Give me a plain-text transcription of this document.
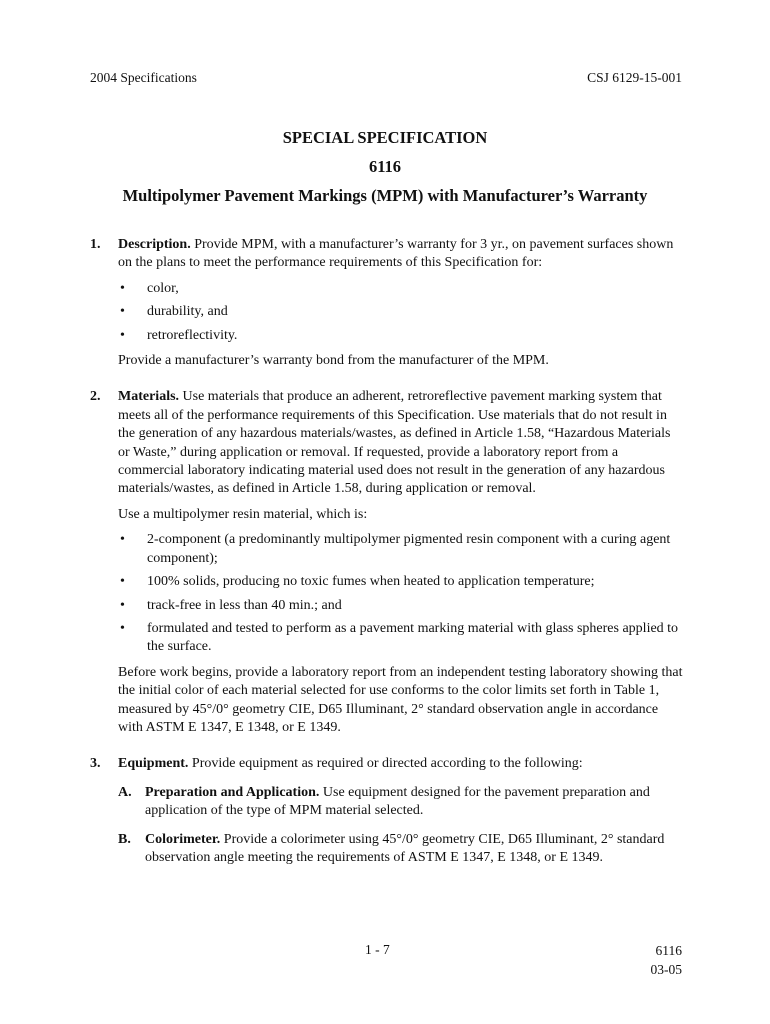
2004 Specifications	CSJ 6129-15-001
SPECIAL SPECIFICATION
6116
Multipolymer Pavement Markings (MPM) with Manufacturer’s Warranty
1.	Description. Provide MPM, with a manufacturer’s warranty for 3 yr., on pavement surfaces shown on the plans to meet the performance requirements of this Specification for:

•	color,
•	durability, and
•	retroreflectivity.

Provide a manufacturer’s warranty bond from the manufacturer of the MPM.

2.	Materials. Use materials that produce an adherent, retroreflective pavement marking system that meets all of the performance requirements of this Specification. Use materials that do not result in the generation of any hazardous materials/wastes, as defined in Article 1.58, “Hazardous Materials or Waste,” during application or removal. If requested, provide a laboratory report from a commercial laboratory indicating material used does not result in the generation of any hazardous materials/wastes, as defined in Article 1.58, during application or removal.

Use a multipolymer resin material, which is:

•	2-component (a predominantly multipolymer pigmented resin component with a curing agent component);
•	100% solids, producing no toxic fumes when heated to application temperature;
•	track-free in less than 40 min.; and
•	formulated and tested to perform as a pavement marking material with glass spheres applied to the surface.

Before work begins, provide a laboratory report from an independent testing laboratory showing that the initial color of each material selected for use conforms to the color limits set forth in Table 1, measured by 45°/0° geometry CIE, D65 Illuminant, 2° standard observation angle in accordance with ASTM E 1347, E 1348, or E 1349.

3.	Equipment. Provide equipment as required or directed according to the following:

A. Preparation and Application. Use equipment designed for the pavement preparation and application of the type of MPM material selected.
B.	Colorimeter. Provide a colorimeter using 45°/0° geometry CIE, D65 Illuminant, 2° standard observation angle meeting the requirements of ASTM E 1347, E 1348, or E 1349.
1 - 7	6116
03-05
